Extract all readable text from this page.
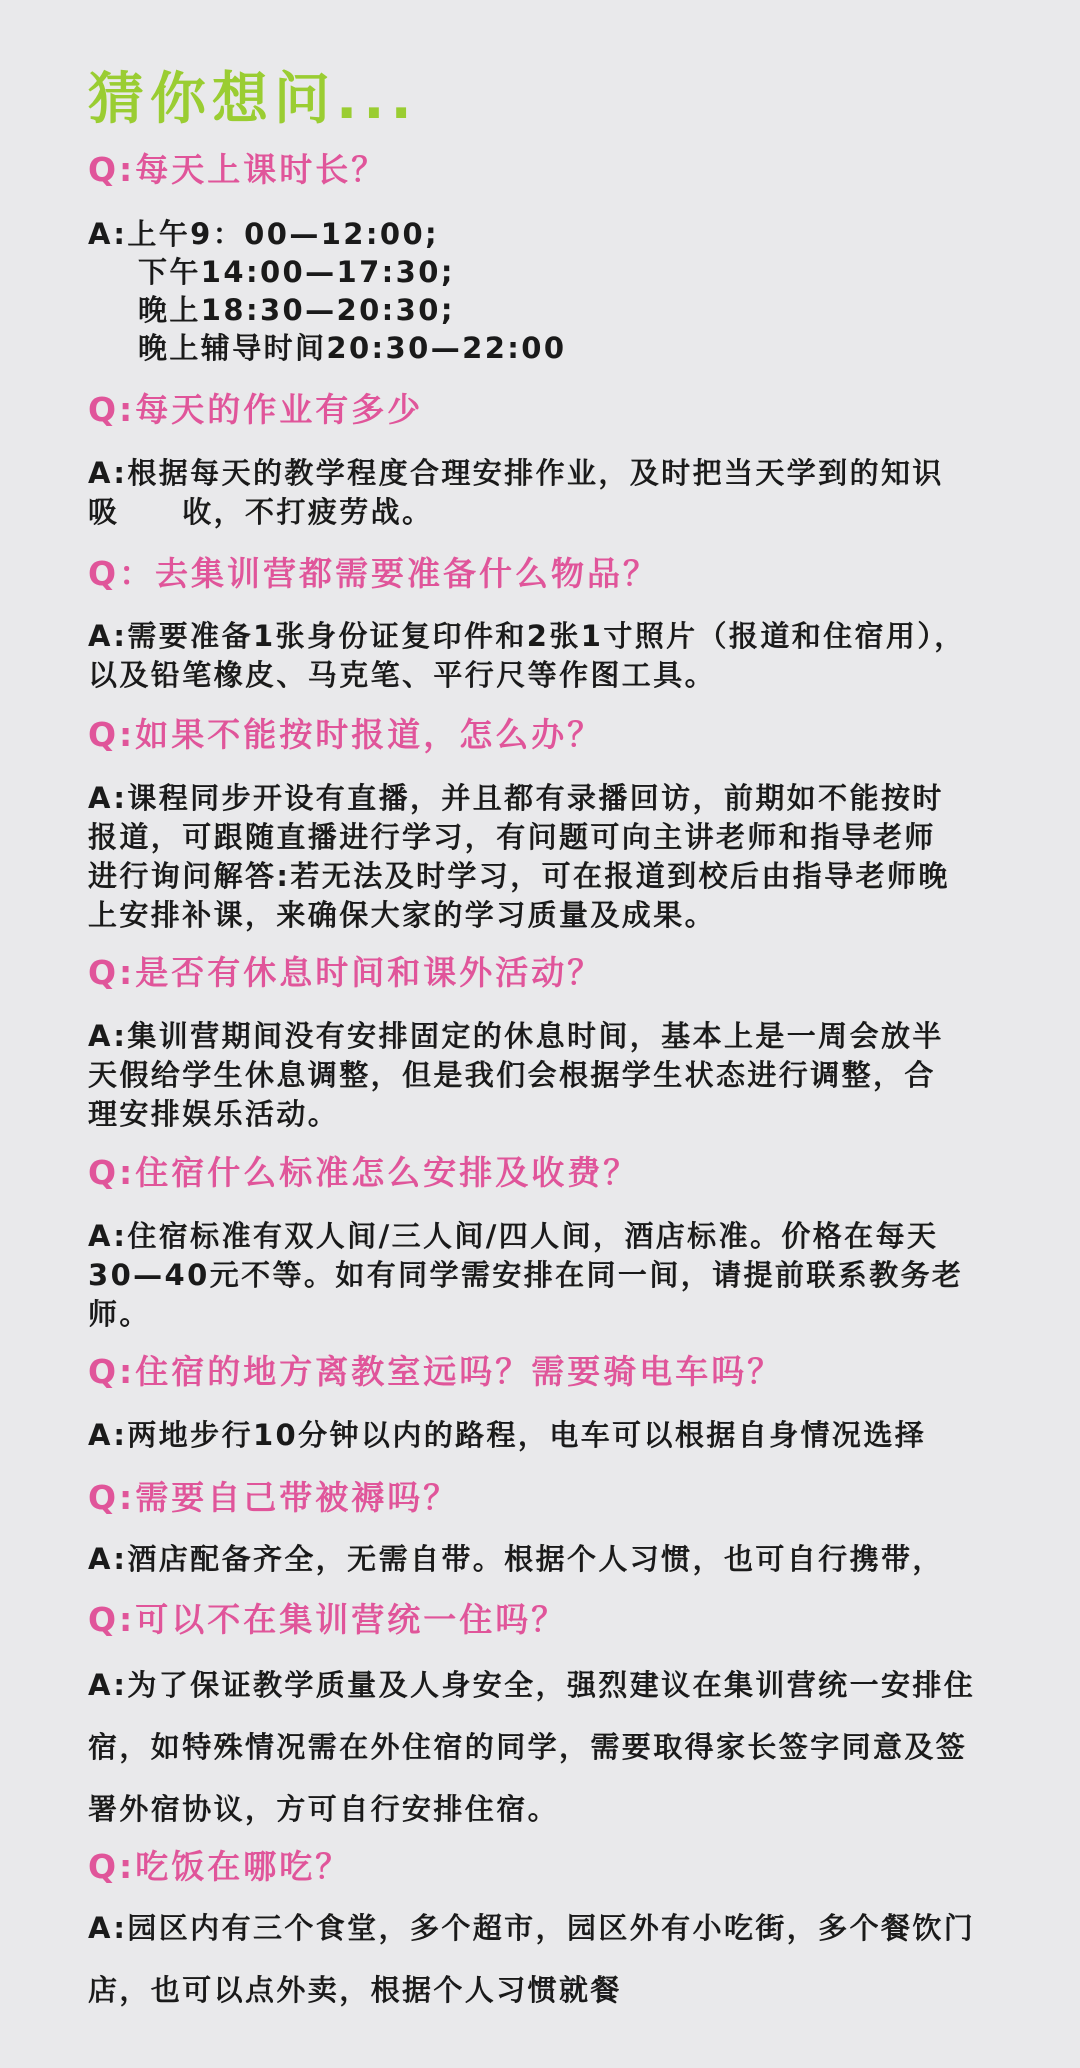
猜你想问...
Q:每天上课时长？
A:上午9：00—12:00;
下午14:00—17:30;
晚上18:30—20:30;
晚上辅导时间20:30—22:00
Q:每天的作业有多少
A:根据每天的教学程度合理安排作业，及时把当天学到的知识
吸　　收，不打疲劳战。
Q：去集训营都需要准备什么物品？
A:需要准备1张身份证复印件和2张1寸照片（报道和住宿用），
以及铅笔橡皮、马克笔、平行尺等作图工具。
Q:如果不能按时报道，怎么办？
A:课程同步开设有直播，并且都有录播回访，前期如不能按时
报道，可跟随直播进行学习，有问题可向主讲老师和指导老师
进行询问解答:若无法及时学习，可在报道到校后由指导老师晚
上安排补课，来确保大家的学习质量及成果。
Q:是否有休息时间和课外活动？
A:集训营期间没有安排固定的休息时间，基本上是一周会放半
天假给学生休息调整，但是我们会根据学生状态进行调整，合
理安排娱乐活动。
Q:住宿什么标准怎么安排及收费？
A:住宿标准有双人间/三人间/四人间，酒店标准。价格在每天
30—40元不等。如有同学需安排在同一间，请提前联系教务老
师。
Q:住宿的地方离教室远吗？需要骑电车吗？
A:两地步行10分钟以内的路程，电车可以根据自身情况选择
Q:需要自己带被褥吗？
A:酒店配备齐全，无需自带。根据个人习惯，也可自行携带，
Q:可以不在集训营统一住吗？
A:为了保证教学质量及人身安全，强烈建议在集训营统一安排住
宿，如特殊情况需在外住宿的同学，需要取得家长签字同意及签
署外宿协议，方可自行安排住宿。
Q:吃饭在哪吃？
A:园区内有三个食堂，多个超市，园区外有小吃街，多个餐饮门
店，也可以点外卖，根据个人习惯就餐
